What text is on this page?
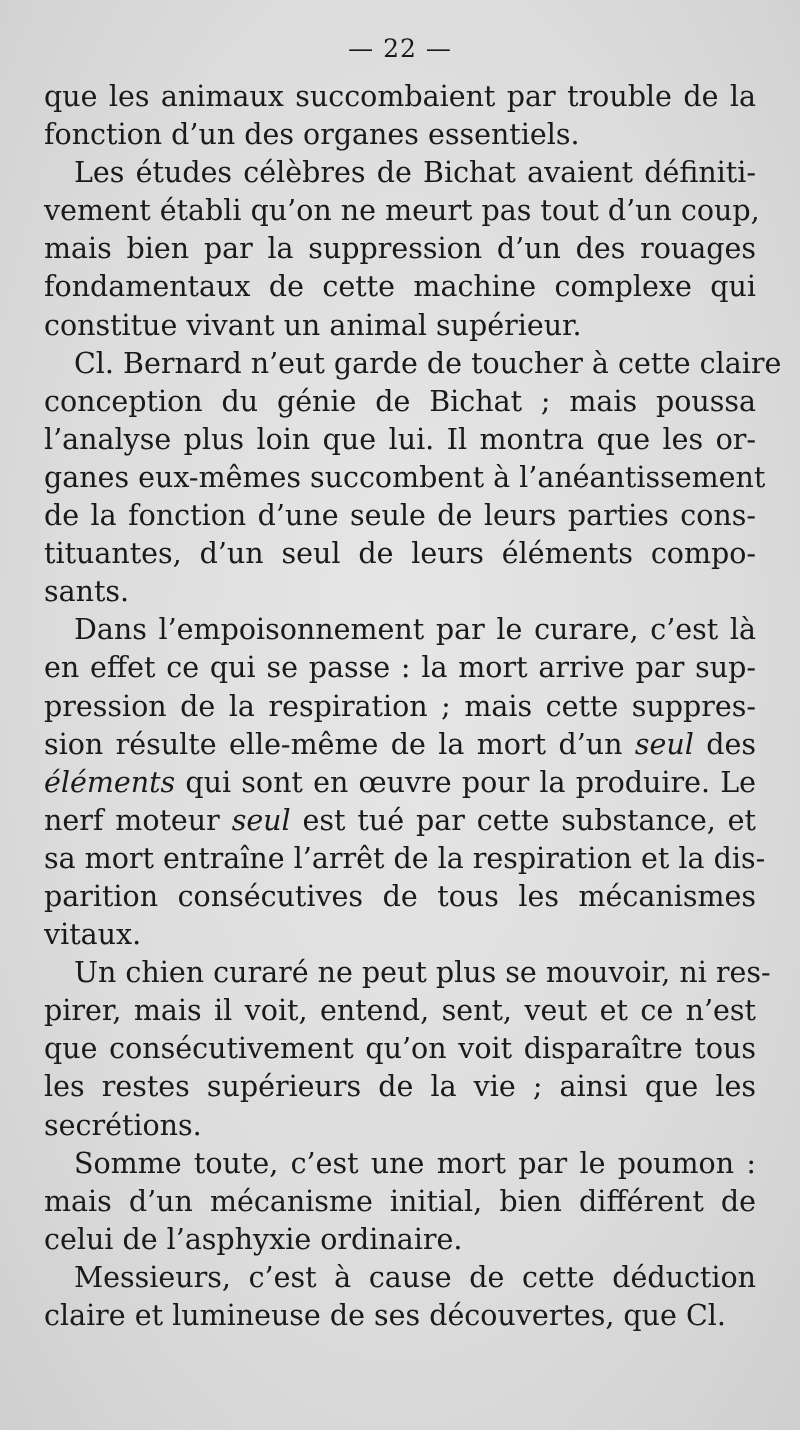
— 22 —
que les animaux succombaient par trouble de la
fonction d’un des organes essentiels.
Les études célèbres de Bichat avaient définiti-
vement établi qu’on ne meurt pas tout d’un coup,
mais bien par la suppression d’un des rouages
fondamentaux de cette machine complexe qui
constitue vivant un animal supérieur.
Cl. Bernard n’eut garde de toucher à cette claire
conception du génie de Bichat ; mais poussa
l’analyse plus loin que lui. Il montra que les or-
ganes eux-mêmes succombent à l’anéantissement
de la fonction d’une seule de leurs parties cons-
tituantes, d’un seul de leurs éléments compo-
sants.
Dans l’empoisonnement par le curare, c’est là
en effet ce qui se passe : la mort arrive par sup-
pression de la respiration ; mais cette suppres-
sion résulte elle-même de la mort d’un seul des
éléments qui sont en œuvre pour la produire. Le
nerf moteur seul est tué par cette substance, et
sa mort entraîne l’arrêt de la respiration et la dis-
parition consécutives de tous les mécanismes
vitaux.
Un chien curaré ne peut plus se mouvoir, ni res-
pirer, mais il voit, entend, sent, veut et ce n’est
que consécutivement qu’on voit disparaître tous
les restes supérieurs de la vie ; ainsi que les
secrétions.
Somme toute, c’est une mort par le poumon :
mais d’un mécanisme initial, bien différent de
celui de l’asphyxie ordinaire.
Messieurs, c’est à cause de cette déduction
claire et lumineuse de ses découvertes, que Cl.
